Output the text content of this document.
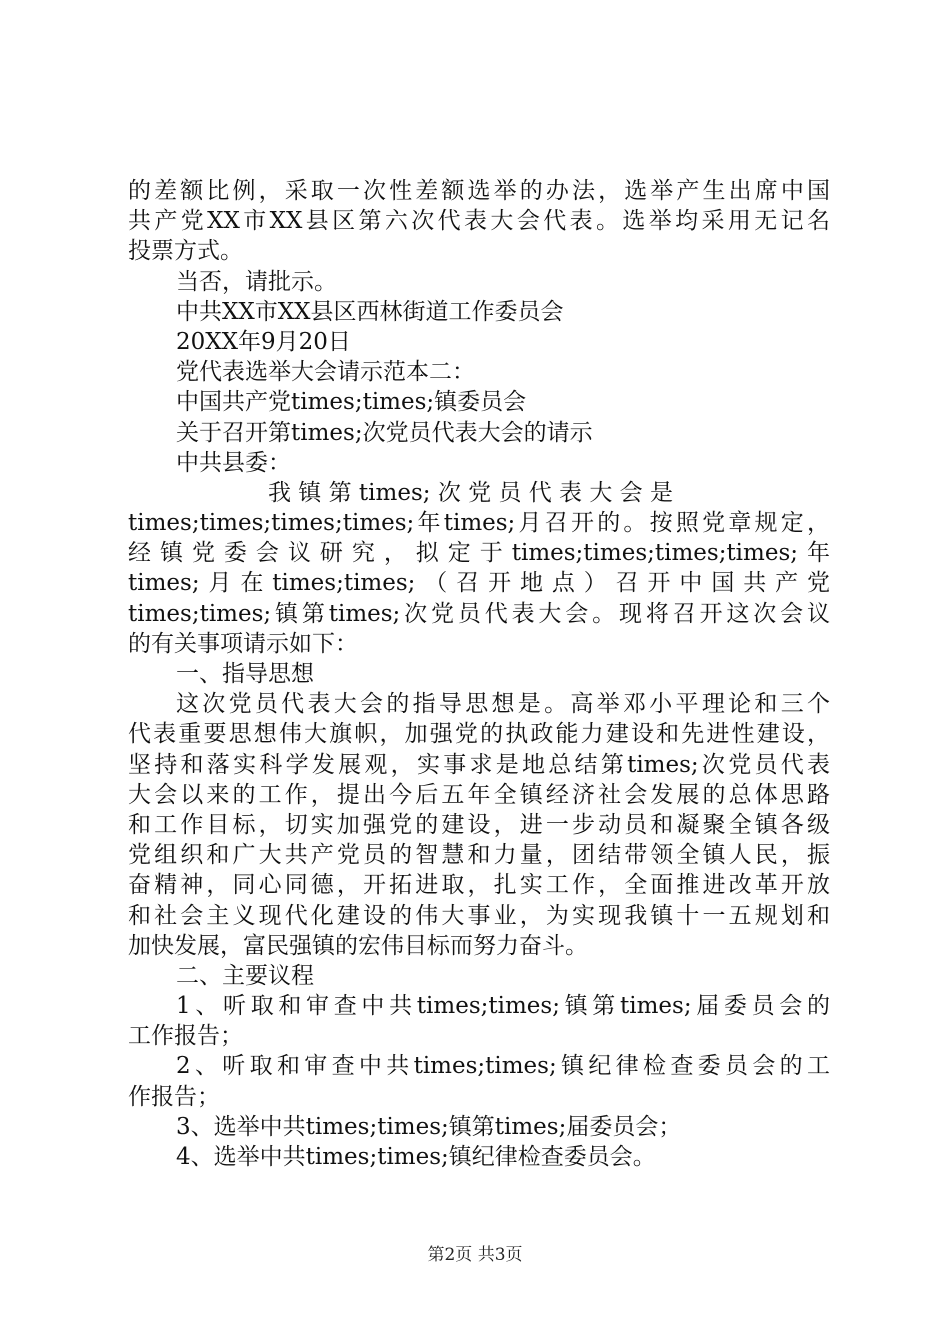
的差额比例，采取一次性差额选举的办法，选举产生出席中国
共产党XX市XX县区第六次代表大会代表。选举均采用无记名
投票方式。
当否，请批示。
中共XX市XX县区西林街道工作委员会
20XX年9月20日
党代表选举大会请示范本二：
中国共产党times;times;镇委员会
关于召开第times;次党员代表大会的请示
中共县委：
我 镇 第 times; 次 党 员 代 表 大 会 是
times;times;times;times;年times;月召开的。按照党章规定，
经镇党委会议研究，拟定于times;times;times;times;年
times;月在times;times;（召开地点）召开中国共产党
times;times;镇第times;次党员代表大会。现将召开这次会议
的有关事项请示如下：
一、指导思想
这次党员代表大会的指导思想是。高举邓小平理论和三个
代表重要思想伟大旗帜，加强党的执政能力建设和先进性建设，
坚持和落实科学发展观，实事求是地总结第times;次党员代表
大会以来的工作，提出今后五年全镇经济社会发展的总体思路
和工作目标，切实加强党的建设，进一步动员和凝聚全镇各级
党组织和广大共产党员的智慧和力量，团结带领全镇人民，振
奋精神，同心同德，开拓进取，扎实工作，全面推进改革开放
和社会主义现代化建设的伟大事业，为实现我镇十一五规划和
加快发展，富民强镇的宏伟目标而努力奋斗。
二、主要议程
1、听取和审查中共times;times;镇第times;届委员会的
工作报告；
2、听取和审查中共times;times;镇纪律检查委员会的工
作报告；
3、选举中共times;times;镇第times;届委员会；
4、选举中共times;times;镇纪律检查委员会。
第2页 共3页
